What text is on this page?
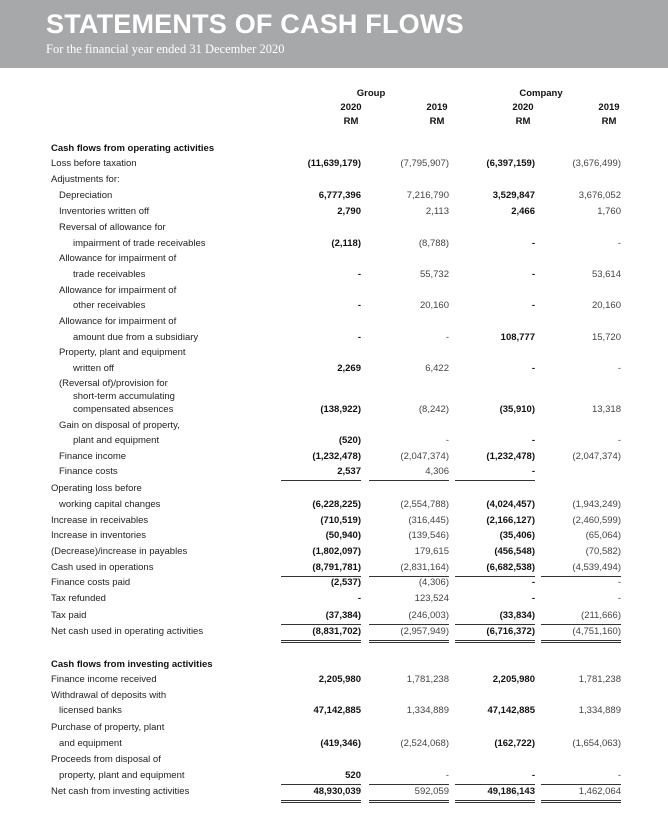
STATEMENTS OF CASH FLOWS
For the financial year ended 31 December 2020
Group	Company
2020	2019	2020	2019
RM	RM	RM	RM
Cash flows from operating activities
Loss before taxation	(11,639,179)	(7,795,907)	(6,397,159)	(3,676,499)
Adjustments for:
Depreciation	6,777,396	7,216,790	3,529,847	3,676,052
Inventories written off	2,790	2,113	2,466	1,760
Reversal of allowance for
impairment of trade receivables	(2,118)	(8,788)	-	-
Allowance for impairment of
trade receivables	-	55,732	-	53,614
Allowance for impairment of
other receivables	-	20,160	-	20,160
Allowance for impairment of
amount due from a subsidiary	-	-	108,777	15,720
Property, plant and equipment
written off	2,269	6,422	-	-
(Reversal of)/provision for
short-term accumulating
compensated absences	(138,922)	(8,242)	(35,910)	13,318
Gain on disposal of property,
plant and equipment	(520)	-	-	-
Finance income	(1,232,478)	(2,047,374)	(1,232,478)	(2,047,374)
Finance costs	2,537	4,306	-
Operating loss before
working capital changes	(6,228,225)	(2,554,788)	(4,024,457)	(1,943,249)
Increase in receivables	(710,519)	(316,445)	(2,166,127)	(2,460,599)
Increase in inventories	(50,940)	(139,546)	(35,406)	(65,064)
(Decrease)/increase in payables	(1,802,097)	179,615	(456,548)	(70,582)
Cash used in operations	(8,791,781)	(2,831,164)	(6,682,538)	(4,539,494)
Finance costs paid	(2,537)	(4,306)	-	-
Tax refunded	-	123,524	-	-
Tax paid	(37,384)	(246,003)	(33,834)	(211,666)
Net cash used in operating activities	(8,831,702)	(2,957,949)	(6,716,372)	(4,751,160)
Cash flows from investing activities
Finance income received	2,205,980	1,781,238	2,205,980	1,781,238
Withdrawal of deposits with
licensed banks	47,142,885	1,334,889	47,142,885	1,334,889
Purchase of property, plant
and equipment	(419,346)	(2,524,068)	(162,722)	(1,654,063)
Proceeds from disposal of
property, plant and equipment	520	-	-	-
Net cash from investing activities	48,930,039	592,059	49,186,143	1,462,064
